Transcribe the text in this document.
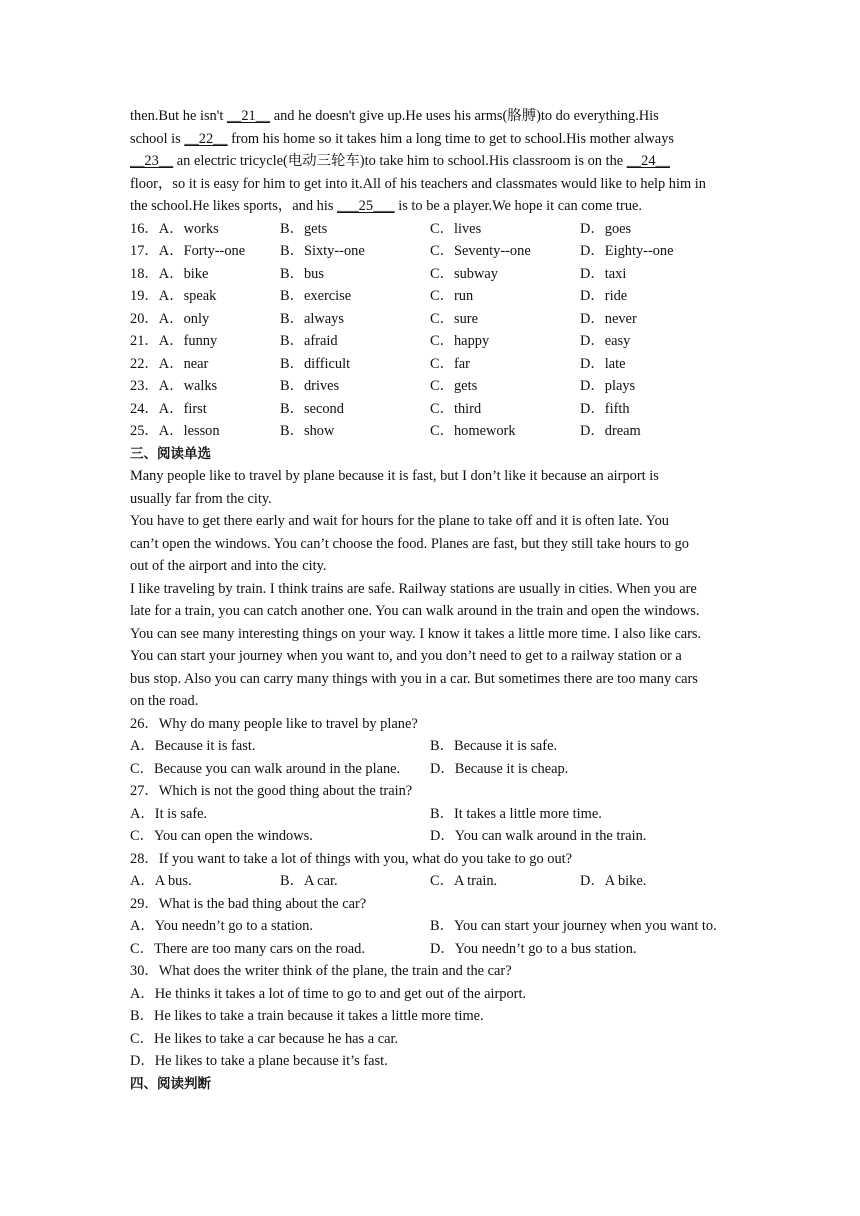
then.But he isn't __21__ and he doesn't give up.He uses his arms(胳膊)to do everything.His
school is __22__ from his home so it takes him a long time to get to school.His mother always
__23__ an electric tricycle(电动三轮车)to take him to school.His classroom is on the __24__
floor，so it is easy for him to get into it.All of his teachers and classmates would like to help him in
the school.He likes sports，and his ___25___ is to be a player.We hope it can come true.
16．A．works	B．gets	C．lives	D．goes
17．A．Forty--one	B．Sixty--one	C．Seventy--one	D．Eighty--one
18．A．bike	B．bus	C．subway	D．taxi
19．A．speak	B．exercise	C．run	D．ride
20．A．only	B．always	C．sure	D．never
21．A．funny	B．afraid	C．happy	D．easy
22．A．near	B．difficult	C．far	D．late
23．A．walks	B．drives	C．gets	D．plays
24．A．first	B．second	C．third	D．fifth
25．A．lesson	B．show	C．homework	D．dream
三、阅读单选
Many people like to travel by plane because it is fast, but I don’t like it because an airport is
usually far from the city.
You have to get there early and wait for hours for the plane to take off and it is often late. You
can’t open the windows. You can’t choose the food. Planes are fast, but they still take hours to go
out of the airport and into the city.
I like traveling by train. I think trains are safe. Railway stations are usually in cities. When you are
late for a train, you can catch another one. You can walk around in the train and open the windows.
You can see many interesting things on your way. I know it takes a little more time. I also like cars.
You can start your journey when you want to, and you don’t need to get to a railway station or a
bus stop. Also you can carry many things with you in a car. But sometimes there are too many cars
on the road.
26．Why do many people like to travel by plane?
A．Because it is fast.	B．Because it is safe.
C．Because you can walk around in the plane.	D．Because it is cheap.
27．Which is not the good thing about the train?
A．It is safe.	B．It takes a little more time.
C．You can open the windows.	D．You can walk around in the train.
28．If you want to take a lot of things with you, what do you take to go out?
A．A bus.	B．A car.	C．A train.	D．A bike.
29．What is the bad thing about the car?
A．You needn’t go to a station.	B．You can start your journey when you want to.
C．There are too many cars on the road.	D．You needn’t go to a bus station.
30．What does the writer think of the plane, the train and the car?
A．He thinks it takes a lot of time to go to and get out of the airport.
B．He likes to take a train because it takes a little more time.
C．He likes to take a car because he has a car.
D．He likes to take a plane because it’s fast.
四、阅读判断
